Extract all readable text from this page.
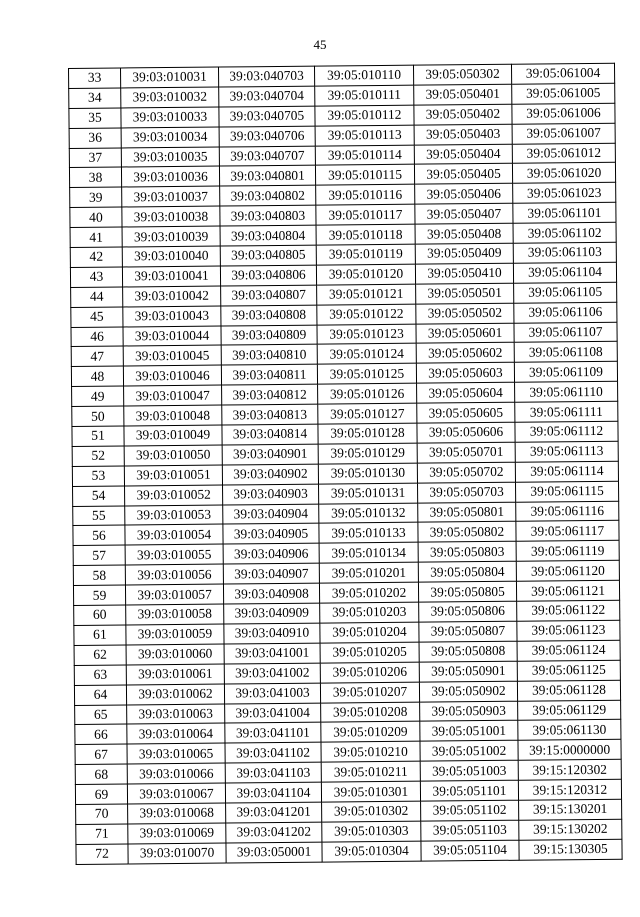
45
33	39:03:010031	39:03:040703	39:05:010110	39:05:050302	39:05:061004
34	39:03:010032	39:03:040704	39:05:010111	39:05:050401	39:05:061005
35	39:03:010033	39:03:040705	39:05:010112	39:05:050402	39:05:061006
36	39:03:010034	39:03:040706	39:05:010113	39:05:050403	39:05:061007
37	39:03:010035	39:03:040707	39:05:010114	39:05:050404	39:05:061012
38	39:03:010036	39:03:040801	39:05:010115	39:05:050405	39:05:061020
39	39:03:010037	39:03:040802	39:05:010116	39:05:050406	39:05:061023
40	39:03:010038	39:03:040803	39:05:010117	39:05:050407	39:05:061101
41	39:03:010039	39:03:040804	39:05:010118	39:05:050408	39:05:061102
42	39:03:010040	39:03:040805	39:05:010119	39:05:050409	39:05:061103
43	39:03:010041	39:03:040806	39:05:010120	39:05:050410	39:05:061104
44	39:03:010042	39:03:040807	39:05:010121	39:05:050501	39:05:061105
45	39:03:010043	39:03:040808	39:05:010122	39:05:050502	39:05:061106
46	39:03:010044	39:03:040809	39:05:010123	39:05:050601	39:05:061107
47	39:03:010045	39:03:040810	39:05:010124	39:05:050602	39:05:061108
48	39:03:010046	39:03:040811	39:05:010125	39:05:050603	39:05:061109
49	39:03:010047	39:03:040812	39:05:010126	39:05:050604	39:05:061110
50	39:03:010048	39:03:040813	39:05:010127	39:05:050605	39:05:061111
51	39:03:010049	39:03:040814	39:05:010128	39:05:050606	39:05:061112
52	39:03:010050	39:03:040901	39:05:010129	39:05:050701	39:05:061113
53	39:03:010051	39:03:040902	39:05:010130	39:05:050702	39:05:061114
54	39:03:010052	39:03:040903	39:05:010131	39:05:050703	39:05:061115
55	39:03:010053	39:03:040904	39:05:010132	39:05:050801	39:05:061116
56	39:03:010054	39:03:040905	39:05:010133	39:05:050802	39:05:061117
57	39:03:010055	39:03:040906	39:05:010134	39:05:050803	39:05:061119
58	39:03:010056	39:03:040907	39:05:010201	39:05:050804	39:05:061120
59	39:03:010057	39:03:040908	39:05:010202	39:05:050805	39:05:061121
60	39:03:010058	39:03:040909	39:05:010203	39:05:050806	39:05:061122
61	39:03:010059	39:03:040910	39:05:010204	39:05:050807	39:05:061123
62	39:03:010060	39:03:041001	39:05:010205	39:05:050808	39:05:061124
63	39:03:010061	39:03:041002	39:05:010206	39:05:050901	39:05:061125
64	39:03:010062	39:03:041003	39:05:010207	39:05:050902	39:05:061128
65	39:03:010063	39:03:041004	39:05:010208	39:05:050903	39:05:061129
66	39:03:010064	39:03:041101	39:05:010209	39:05:051001	39:05:061130
67	39:03:010065	39:03:041102	39:05:010210	39:05:051002	39:15:0000000
68	39:03:010066	39:03:041103	39:05:010211	39:05:051003	39:15:120302
69	39:03:010067	39:03:041104	39:05:010301	39:05:051101	39:15:120312
70	39:03:010068	39:03:041201	39:05:010302	39:05:051102	39:15:130201
71	39:03:010069	39:03:041202	39:05:010303	39:05:051103	39:15:130202
72	39:03:010070	39:03:050001	39:05:010304	39:05:051104	39:15:130305
